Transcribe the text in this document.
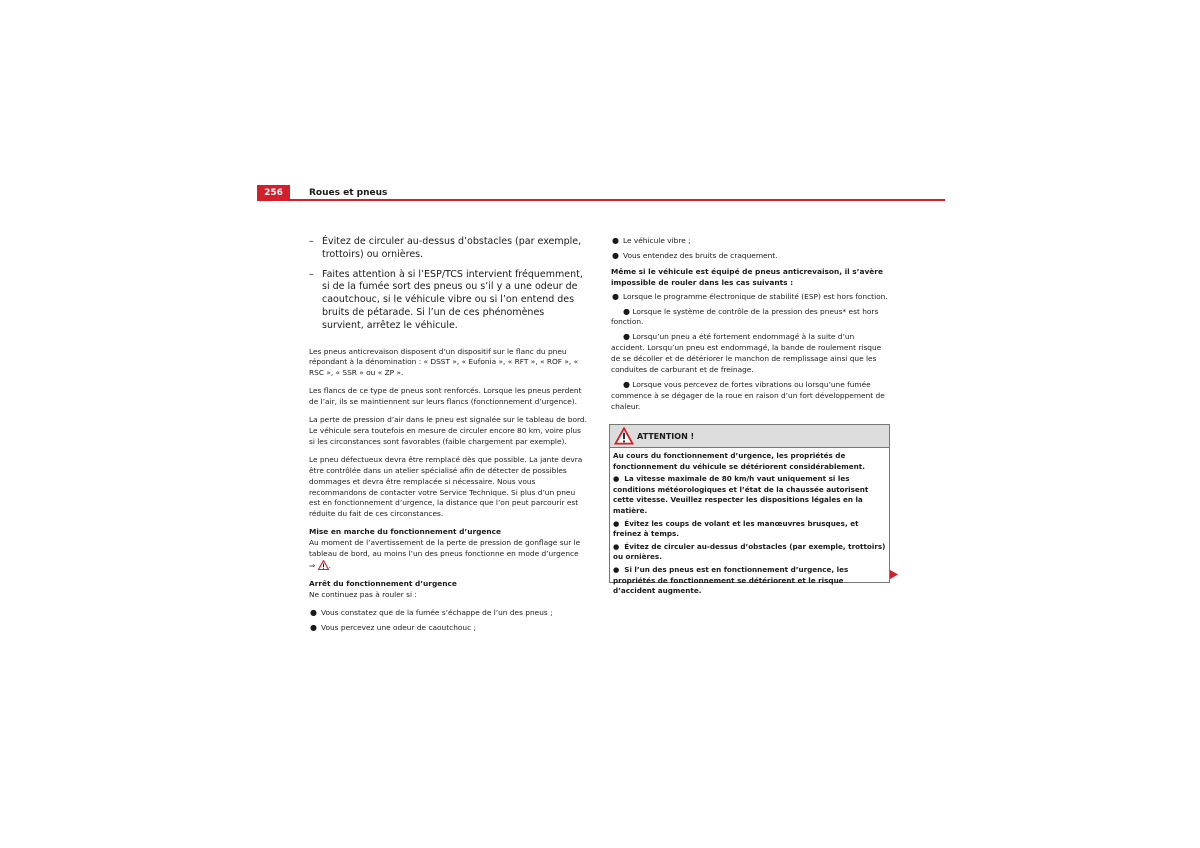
256	Roues et pneus
– Évitez de circuler au-dessus d’obstacles (par exemple, trottoirs) ou ornières.
– Faites attention à si l’ESP/TCS intervient fréquemment, si de la fumée sort des pneus ou s’il y a une odeur de caoutchouc, si le véhicule vibre ou si l’on entend des bruits de pétarade. Si l’un de ces phénomènes survient, arrêtez le véhicule.

Les pneus anticrevaison disposent d’un dispositif sur le flanc du pneu répondant à la dénomination : « DSST », « Eufonia », « RFT », « ROF », « RSC », « SSR » ou « ZP ».

Les flancs de ce type de pneus sont renforcés. Lorsque les pneus perdent de l’air, ils se maintiennent sur leurs flancs (fonctionnement d’urgence).

La perte de pression d’air dans le pneu est signalée sur le tableau de bord. Le véhicule sera toutefois en mesure de circuler encore 80 km, voire plus si les circonstances sont favorables (faible chargement par exemple).

Le pneu défectueux devra être remplacé dès que possible. La jante devra être contrôlée dans un atelier spécialisé afin de détecter de possibles dommages et devra être remplacée si nécessaire. Nous vous recommandons de contacter votre Service Technique. Si plus d’un pneu est en fonctionnement d’urgence, la distance que l’on peut parcourir est réduite du fait de ces circonstances.

Mise en marche du fonctionnement d’urgence

Au moment de l’avertissement de la perte de pression de gonflage sur le tableau de bord, au moins l’un des pneus fonctionne en mode d’urgence
⇒ .

Arrêt du fonctionnement d’urgence

Ne continuez pas à rouler si :

● Vous constatez que de la fumée s’échappe de l’un des pneus ;
● Vous percevez une odeur de caoutchouc ;
● Le véhicule vibre ;
● Vous entendez des bruits de craquement.

Même si le véhicule est équipé de pneus anticrevaison, il s’avère impossible de rouler dans les cas suivants :

● Lorsque le programme électronique de stabilité (ESP) est hors fonction.
● Lorsque le système de contrôle de la pression des pneus* est hors fonction.
● Lorsqu’un pneu a été fortement endommagé à la suite d’un accident. Lorsqu’un pneu est endommagé, la bande de roulement risque de se décoller et de détériorer le manchon de remplissage ainsi que les conduites de carburant et de freinage.
● Lorsque vous percevez de fortes vibrations ou lorsqu’une fumée commence à se dégager de la roue en raison d’un fort développement de chaleur.
ATTENTION !

Au cours du fonctionnement d’urgence, les propriétés de fonctionnement du véhicule se détériorent considérablement.

●  La vitesse maximale de 80 km/h vaut uniquement si les conditions météorologiques et l’état de la chaussée autorisent cette vitesse. Veuillez respecter les dispositions légales en la matière.

●  Évitez les coups de volant et les manœuvres brusques, et freinez à temps.

●  Évitez de circuler au-dessus d’obstacles (par exemple, trottoirs) ou ornières.

●  Si l’un des pneus est en fonctionnement d’urgence, les propriétés de fonctionnement se détériorent et le risque d’accident augmente.
